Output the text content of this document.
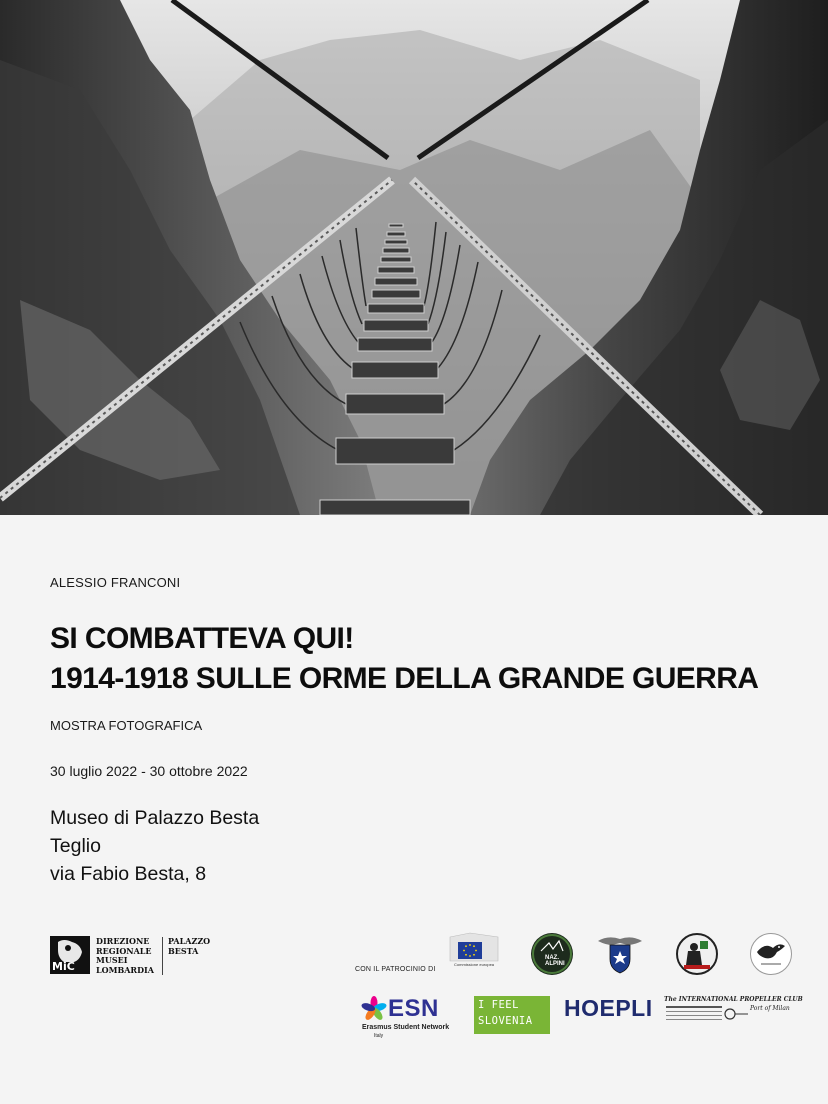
ALESSIO FRANCONI
SI COMBATTEVA QUI!
1914-1918 SULLE ORME DELLA GRANDE GUERRA
MOSTRA FOTOGRAFICA
30 luglio 2022 - 30 ottobre 2022
Museo di Palazzo Besta
Teglio
via Fabio Besta, 8
MiC
DIREZIONE
REGIONALE
MUSEI
LOMBARDIA
PALAZZO
BESTA
CON IL PATROCINIO DI
Commissione europea
NAZ. ALPINI
ESN
Erasmus Student Network
Italy
I FEEL
SLOVENIA HOEPLI The INTERNATIONAL PROPELLER CLUB
Port of Milan
